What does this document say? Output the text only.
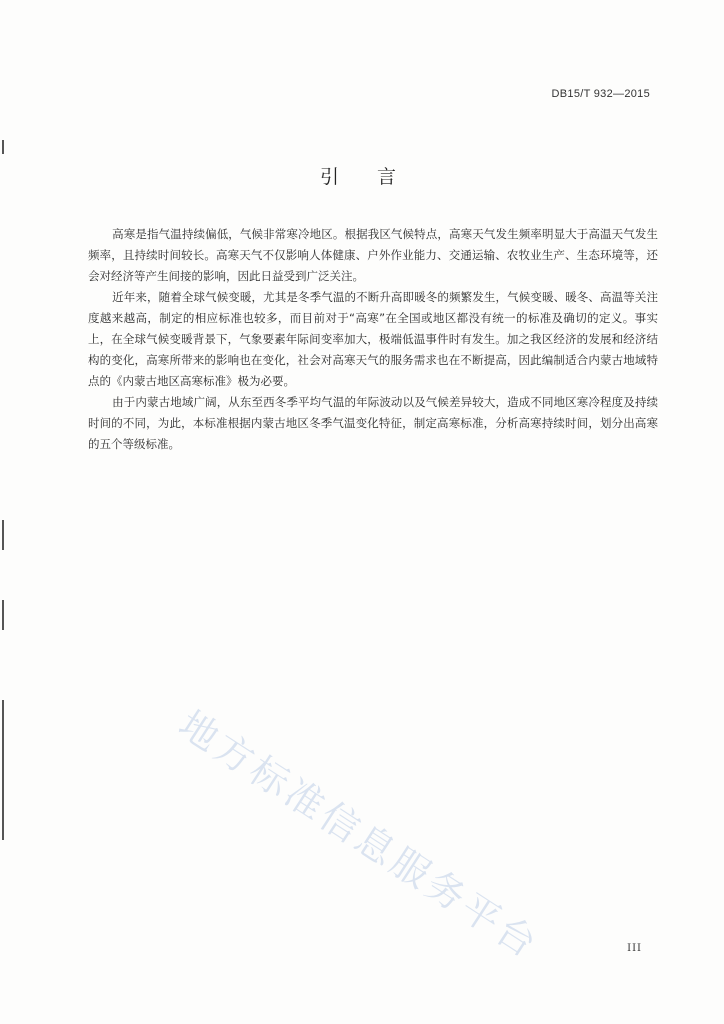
DB15/T 932—2015
引言

高寒是指气温持续偏低，气候非常寒冷地区。根据我区气候特点，高寒天气发生频率明显大于高温天气发生频率，且持续时间较长。高寒天气不仅影响人体健康、户外作业能力、交通运输、农牧业生产、生态环境等，还会对经济等产生间接的影响，因此日益受到广泛关注。

近年来，随着全球气候变暖，尤其是冬季气温的不断升高即暖冬的频繁发生，气候变暖、暖冬、高温等关注度越来越高，制定的相应标准也较多，而目前对于“高寒”在全国或地区都没有统一的标准及确切的定义。事实上，在全球气候变暖背景下，气象要素年际间变率加大，极端低温事件时有发生。加之我区经济的发展和经济结构的变化，高寒所带来的影响也在变化，社会对高寒天气的服务需求也在不断提高，因此编制适合内蒙古地域特点的《内蒙古地区高寒标准》极为必要。

由于内蒙古地域广阔，从东至西冬季平均气温的年际波动以及气候差异较大，造成不同地区寒冷程度及持续时间的不同，为此，本标准根据内蒙古地区冬季气温变化特征，制定高寒标准，分析高寒持续时间，划分出高寒的五个等级标准。

地方标准信息服务平台	III
